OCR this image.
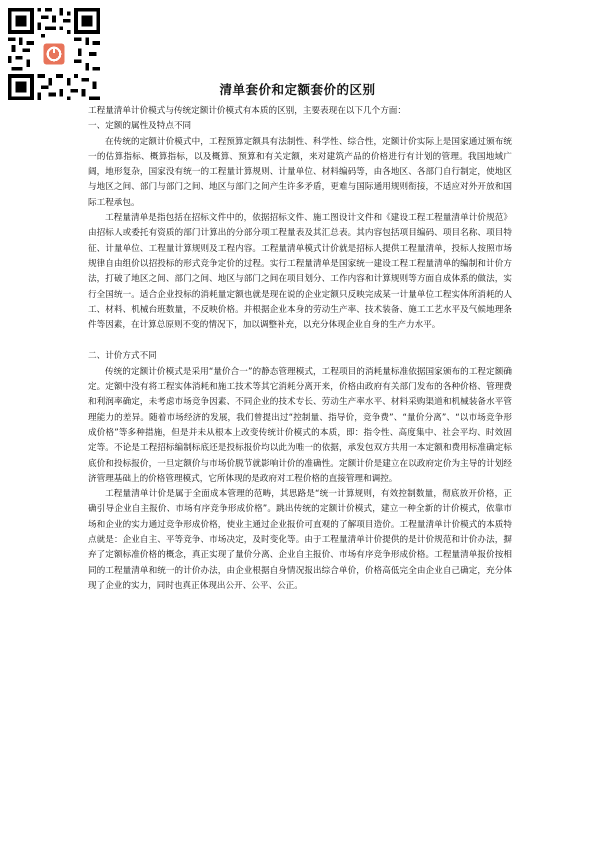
清单套价和定额套价的区别

工程量清单计价模式与传统定额计价模式有本质的区别，主要表现在以下几个方面：

一、定额的属性及特点不同

在传统的定额计价模式中，工程预算定额具有法制性、科学性、综合性，定额计价实际上是国家通过颁布统一的估算指标、概算指标，以及概算、预算和有关定额，来对建筑产品的价格进行有计划的管理。我国地域广阔，地形复杂，国家没有统一的工程量计算规则、计量单位、材料编码等，由各地区、各部门自行制定，使地区与地区之间、部门与部门之间、地区与部门之间产生许多矛盾，更难与国际通用规则衔接，不适应对外开放和国际工程承包。

工程量清单是指包括在招标文件中的，依据招标文件、施工图设计文件和《建设工程工程量清单计价规范》由招标人或委托有资质的部门计算出的分部分项工程量表及其汇总表。其内容包括项目编码、项目名称、项目特征、计量单位、工程量计算规则及工程内容。工程量清单模式计价就是招标人提供工程量清单，投标人按照市场规律自由组价以招投标的形式竞争定价的过程。实行工程量清单是国家统一建设工程工程量清单的编制和计价方法，打破了地区之间、部门之间、地区与部门之间在项目划分、工作内容和计算规则等方面自成体系的做法，实行全国统一。适合企业投标的消耗量定额也就是现在说的企业定额只反映完成某一计量单位工程实体所消耗的人工、材料、机械台班数量，不反映价格。并根据企业本身的劳动生产率、技术装备、施工工艺水平及气候地理条件等因素，在计算总原则不变的情况下，加以调整补充，以充分体现企业自身的生产力水平。

二、计价方式不同

传统的定额计价模式是采用“量价合一”的静态管理模式，工程项目的消耗量标准依据国家颁布的工程定额确定。定额中没有将工程实体消耗和施工技术等其它消耗分离开来，价格由政府有关部门发布的各种价格、管理费和利润率确定，未考虑市场竞争因素、不同企业的技术专长、劳动生产率水平、材料采购渠道和机械装备水平管理能力的差异。随着市场经济的发展，我们曾提出过“控制量、指导价，竞争费”、“量价分离”、“以市场竞争形成价格”等多种措施，但是并未从根本上改变传统计价模式的本质，即：指令性、高度集中、社会平均、时效固定等。不论是工程招标编制标底还是投标报价均以此为唯一的依据，承发包双方共用一本定额和费用标准确定标底价和投标报价，一旦定额价与市场价脱节就影响计价的准确性。定额计价是建立在以政府定价为主导的计划经济管理基础上的价格管理模式，它所体现的是政府对工程价格的直接管理和调控。

工程量清单计价是属于全面成本管理的范畴，其思路是“统一计算规则，有效控制数量，彻底放开价格，正确引导企业自主报价、市场有序竞争形成价格”。跳出传统的定额计价模式，建立一种全新的计价模式，依靠市场和企业的实力通过竞争形成价格，使业主通过企业报价可直观的了解项目造价。工程量清单计价模式的本质特点就是：企业自主、平等竞争、市场决定，及时变化等。由于工程量清单计价提供的是计价规范和计价办法，摒弃了定额标准价格的概念，真正实现了量价分离、企业自主报价、市场有序竞争形成价格。工程量清单报价按相同的工程量清单和统一的计价办法，由企业根据自身情况报出综合单价，价格高低完全由企业自己确定，充分体现了企业的实力，同时也真正体现出公开、公平、公正。
